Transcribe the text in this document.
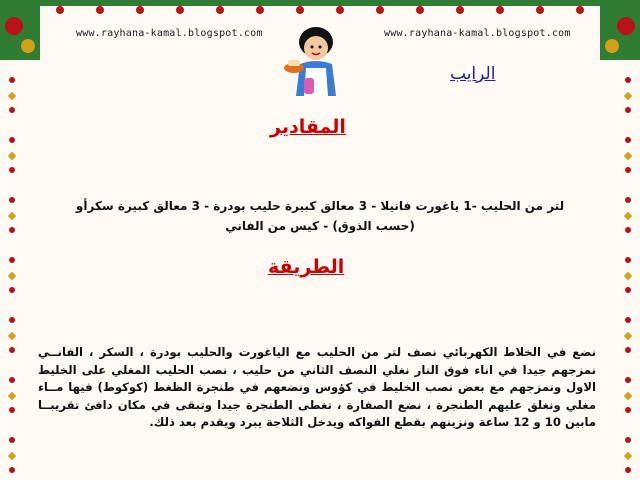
www.rayhana-kamal.blogspot.com	www.rayhana-kamal.blogspot.com
الرايب
المقادير
لتر من الحليب -1 ياغورت فانيلا - 3 معالق كبيرة حليب بودرة - 3 معالق كبيرة سكرأو (حسب الذوق) - كيس من الفاني
الطريقة
نضع في الخلاط الكهربائي نصف لتر من الحليب مع الياغورت والحليب بودرة ، السكر ، الفانــي نمزجهم جيدا في اناء فوق النار نغلي النصف الثاني من حليب ، نصب الحليب المغلي على الخليط الاول ونمزجهم مع بعض نصب الخليط في كؤوس ونضعهم في طنجرة الظغط (كوكوط) فيها مــاء مغلي ونغلق عليهم الطنجرة ، نضع الصفارة ، تغطى الطنجرة جيدا وتبقى في مكان دافئ تقريبــا مابين 10 و 12 ساعة ونزينهم بقطع الفواكه ويدخل الثلاجة يبرد ويقدم بعد ذلك.
